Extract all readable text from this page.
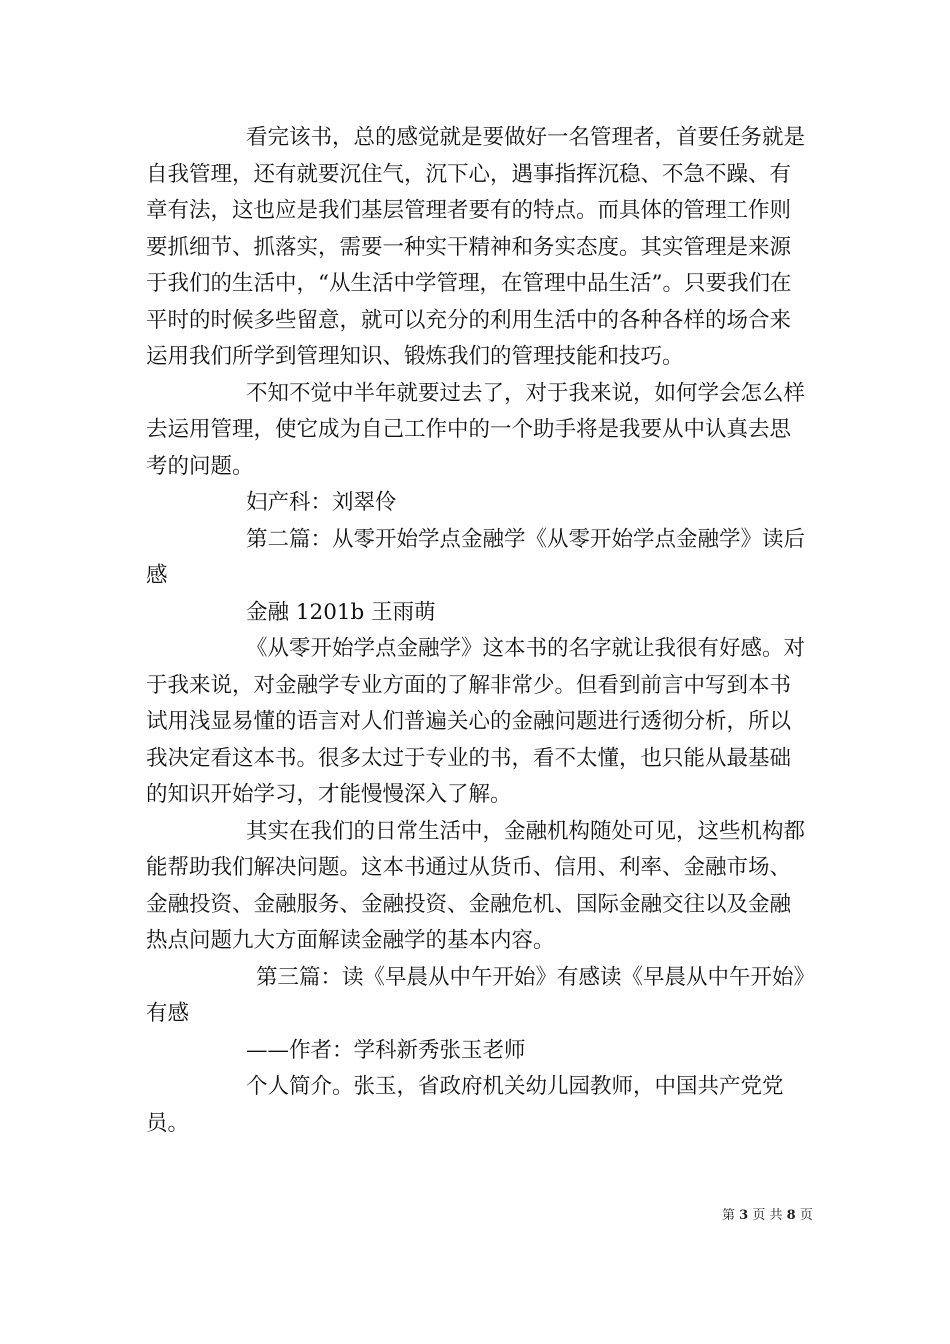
看完该书，总的感觉就是要做好一名管理者，首要任务就是自我管理，还有就要沉住气，沉下心，遇事指挥沉稳、不急不躁、有章有法，这也应是我们基层管理者要有的特点。而具体的管理工作则要抓细节、抓落实，需要一种实干精神和务实态度。其实管理是来源于我们的生活中，“从生活中学管理，在管理中品生活”。只要我们在平时的时候多些留意，就可以充分的利用生活中的各种各样的场合来运用我们所学到管理知识、锻炼我们的管理技能和技巧。

不知不觉中半年就要过去了，对于我来说，如何学会怎么样去运用管理，使它成为自己工作中的一个助手将是我要从中认真去思考的问题。

妇产科：刘翠伶

第二篇：从零开始学点金融学《从零开始学点金融学》读后感

金融 1201b 王雨萌

《从零开始学点金融学》这本书的名字就让我很有好感。对于我来说，对金融学专业方面的了解非常少。但看到前言中写到本书试用浅显易懂的语言对人们普遍关心的金融问题进行透彻分析，所以我决定看这本书。很多太过于专业的书，看不太懂，也只能从最基础的知识开始学习，才能慢慢深入了解。

其实在我们的日常生活中，金融机构随处可见，这些机构都能帮助我们解决问题。这本书通过从货币、信用、利率、金融市场、金融投资、金融服务、金融投资、金融危机、国际金融交往以及金融热点问题九大方面解读金融学的基本内容。

第三篇：读《早晨从中午开始》有感读《早晨从中午开始》有感

——作者：学科新秀张玉老师

个人简介。张玉，省政府机关幼儿园教师，中国共产党党员。

第 3 页 共 8 页
